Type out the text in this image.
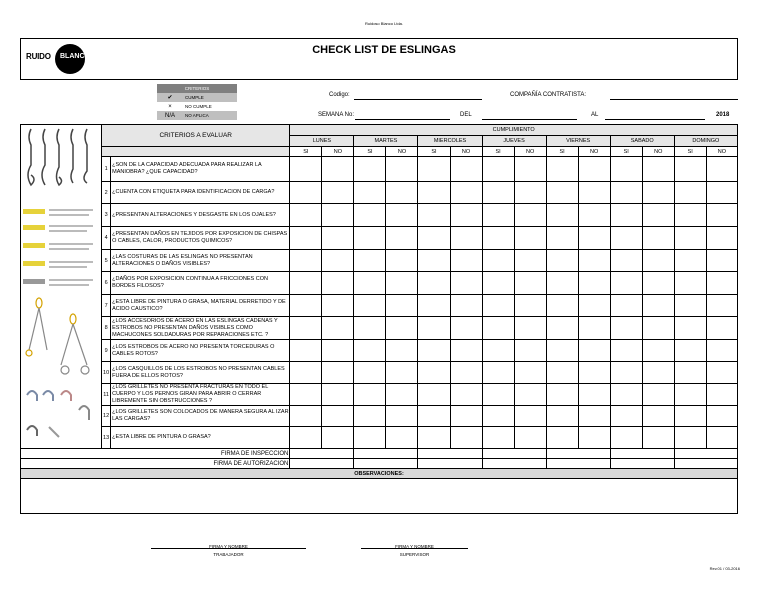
Ruidoso Blanco Ltda.
RUIDO BLANCO
CHECK LIST DE ESLINGAS
CRITERIOS
✔	CUMPLE
×	NO CUMPLE
N/A	NO APLICA
Codigo:	COMPAÑÍA CONTRATISTA:
SEMANA No:	DEL	AL	2018
	CRITERIOS A EVALUAR		CUMPLIMIENTO													
			LUNES		MARTES		MIERCOLES		JUEVES		VIERNES		SABADO		DOMINGO	
			SI	NO	SI	NO	SI	NO	SI	NO	SI	NO	SI	NO	SI	NO
	1	¿SON DE LA CAPACIDAD ADECUADA PARA REALIZAR LA MANIOBRA? ¿QUE CAPACIDAD?														
	2	¿CUENTA CON ETIQUETA PARA IDENTIFICACION DE CARGA?														
	3	¿PRESENTAN ALTERACIONES Y DESGASTE EN LOS OJALES?														
	4	¿PRESENTAN DAÑOS EN TEJIDOS POR EXPOSICION DE CHISPAS O CABLES, CALOR, PRODUCTOS QUIMICOS?														
	5	¿LAS COSTURAS DE LAS ESLINGAS NO PRESENTAN ALTERACIONES O DAÑOS VISIBLES?														
	6	¿DAÑOS POR EXPOSICION CONTINUA A FRICCIONES CON BORDES FILOSOS?														
	7	¿ESTA LIBRE DE PINTURA O GRASA, MATERIAL DERRETIDO Y DE ACIDO CAUSTICO?														
	8	¿LOS ACCESORIOS DE ACERO EN LAS ESLINGAS CADENAS Y ESTROBOS NO PRESENTAN DAÑOS VISIBLES COMO MACHUCONES SOLDADURAS POR REPARACIONES ETC. ?														
	9	¿LOS ESTROBOS DE ACERO NO PRESENTA TORCEDURAS O CABLES ROTOS?														
	10	¿LOS CASQUILLOS DE LOS ESTROBOS NO PRESENTAN CABLES FUERA DE ELLOS ROTOS?														
	11	¿LOS GRILLETES NO PRESENTA FRACTURAS EN TODO EL CUERPO Y LOS PERNOS GIRAN PARA ABRIR O CERRAR LIBREMENTE SIN OBSTRUCCIONES ?														
	12	¿LOS GRILLETES SON COLOCADOS DE MANERA SEGURA AL IZAR LAS CARGAS?														
	13	¿ESTA LIBRE DE PINTURA O GRASA?														
FIRMA DE INSPECCION																
FIRMA DE AUTORIZACION																
OBSERVACIONES:																

FIRMA Y NOMBRE
TRABAJADOR
FIRMA Y NOMBRE
SUPERVISOR
Rev.01 / 03-2016
